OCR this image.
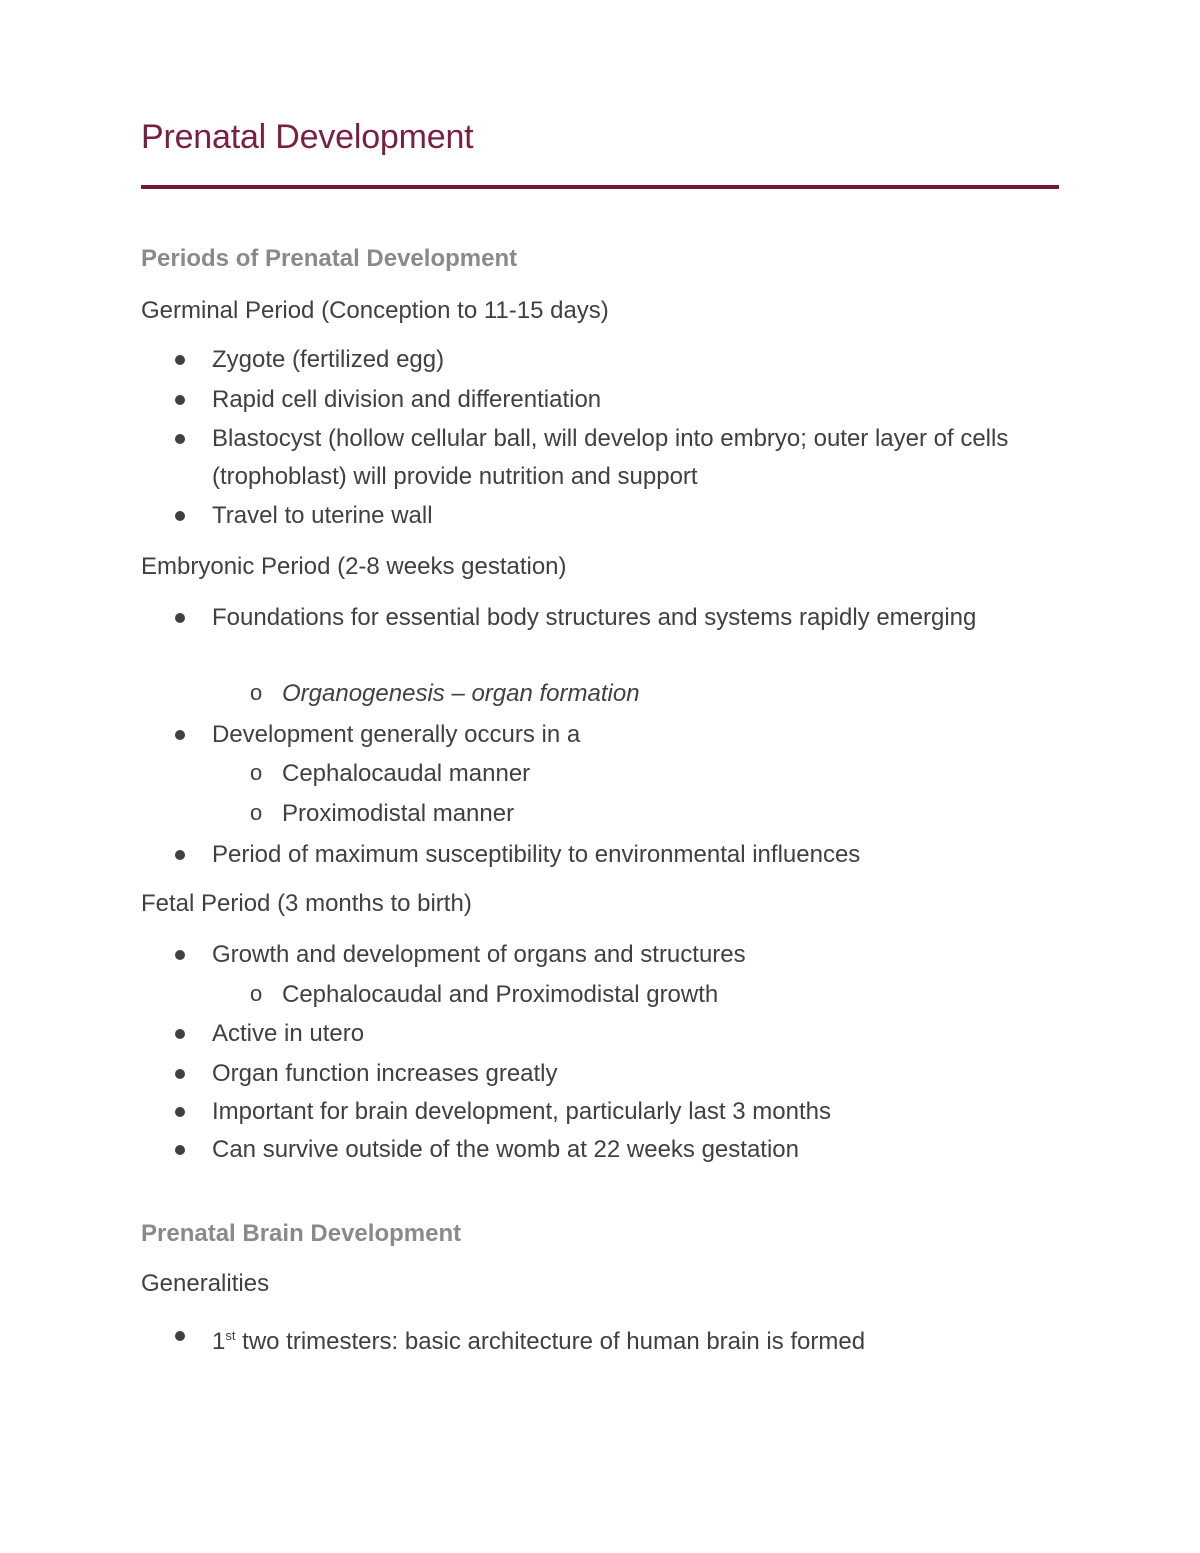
Prenatal Development
Periods of Prenatal Development
Germinal Period (Conception to 11-15 days)
Zygote (fertilized egg)
Rapid cell division and differentiation
Blastocyst (hollow cellular ball, will develop into embryo; outer layer of cells (trophoblast) will provide nutrition and support
Travel to uterine wall
Embryonic Period (2-8 weeks gestation)
Foundations for essential body structures and systems rapidly emerging
o Organogenesis – organ formation
Development generally occurs in a
o Cephalocaudal manner
o Proximodistal manner
Period of maximum susceptibility to environmental influences
Fetal Period (3 months to birth)
Growth and development of organs and structures
o Cephalocaudal and Proximodistal growth
Active in utero
Organ function increases greatly
Important for brain development, particularly last 3 months
Can survive outside of the womb at 22 weeks gestation
Prenatal Brain Development
Generalities
1st two trimesters: basic architecture of human brain is formed
